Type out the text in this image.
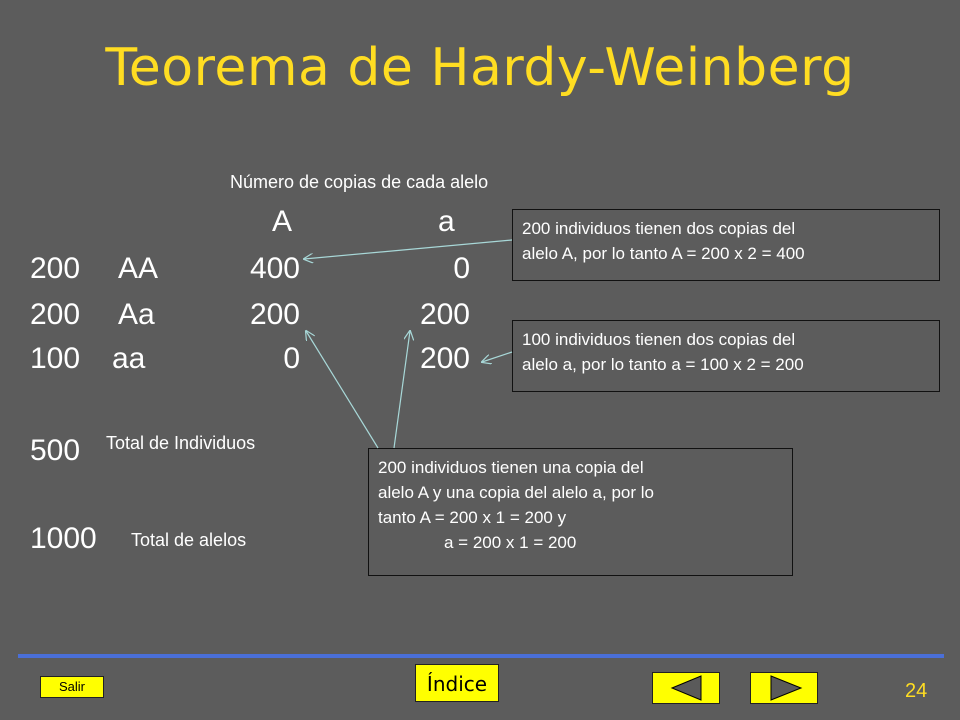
Teorema de Hardy-Weinberg
Número de copias de cada alelo
A	a
200 AA	400	0
200 Aa	200	200
100 aa	0	200
500 Total de Individuos
1000 Total de alelos
200 individuos tienen dos copias del
alelo A, por lo tanto A = 200 x 2 = 400
100 individuos tienen dos copias del
alelo a, por lo tanto a = 100 x 2 = 200
200 individuos tienen una copia del
alelo A y una copia del alelo a, por lo
tanto A = 200 x 1 = 200 y
a = 200 x 1 = 200
Salir	Índice	24
